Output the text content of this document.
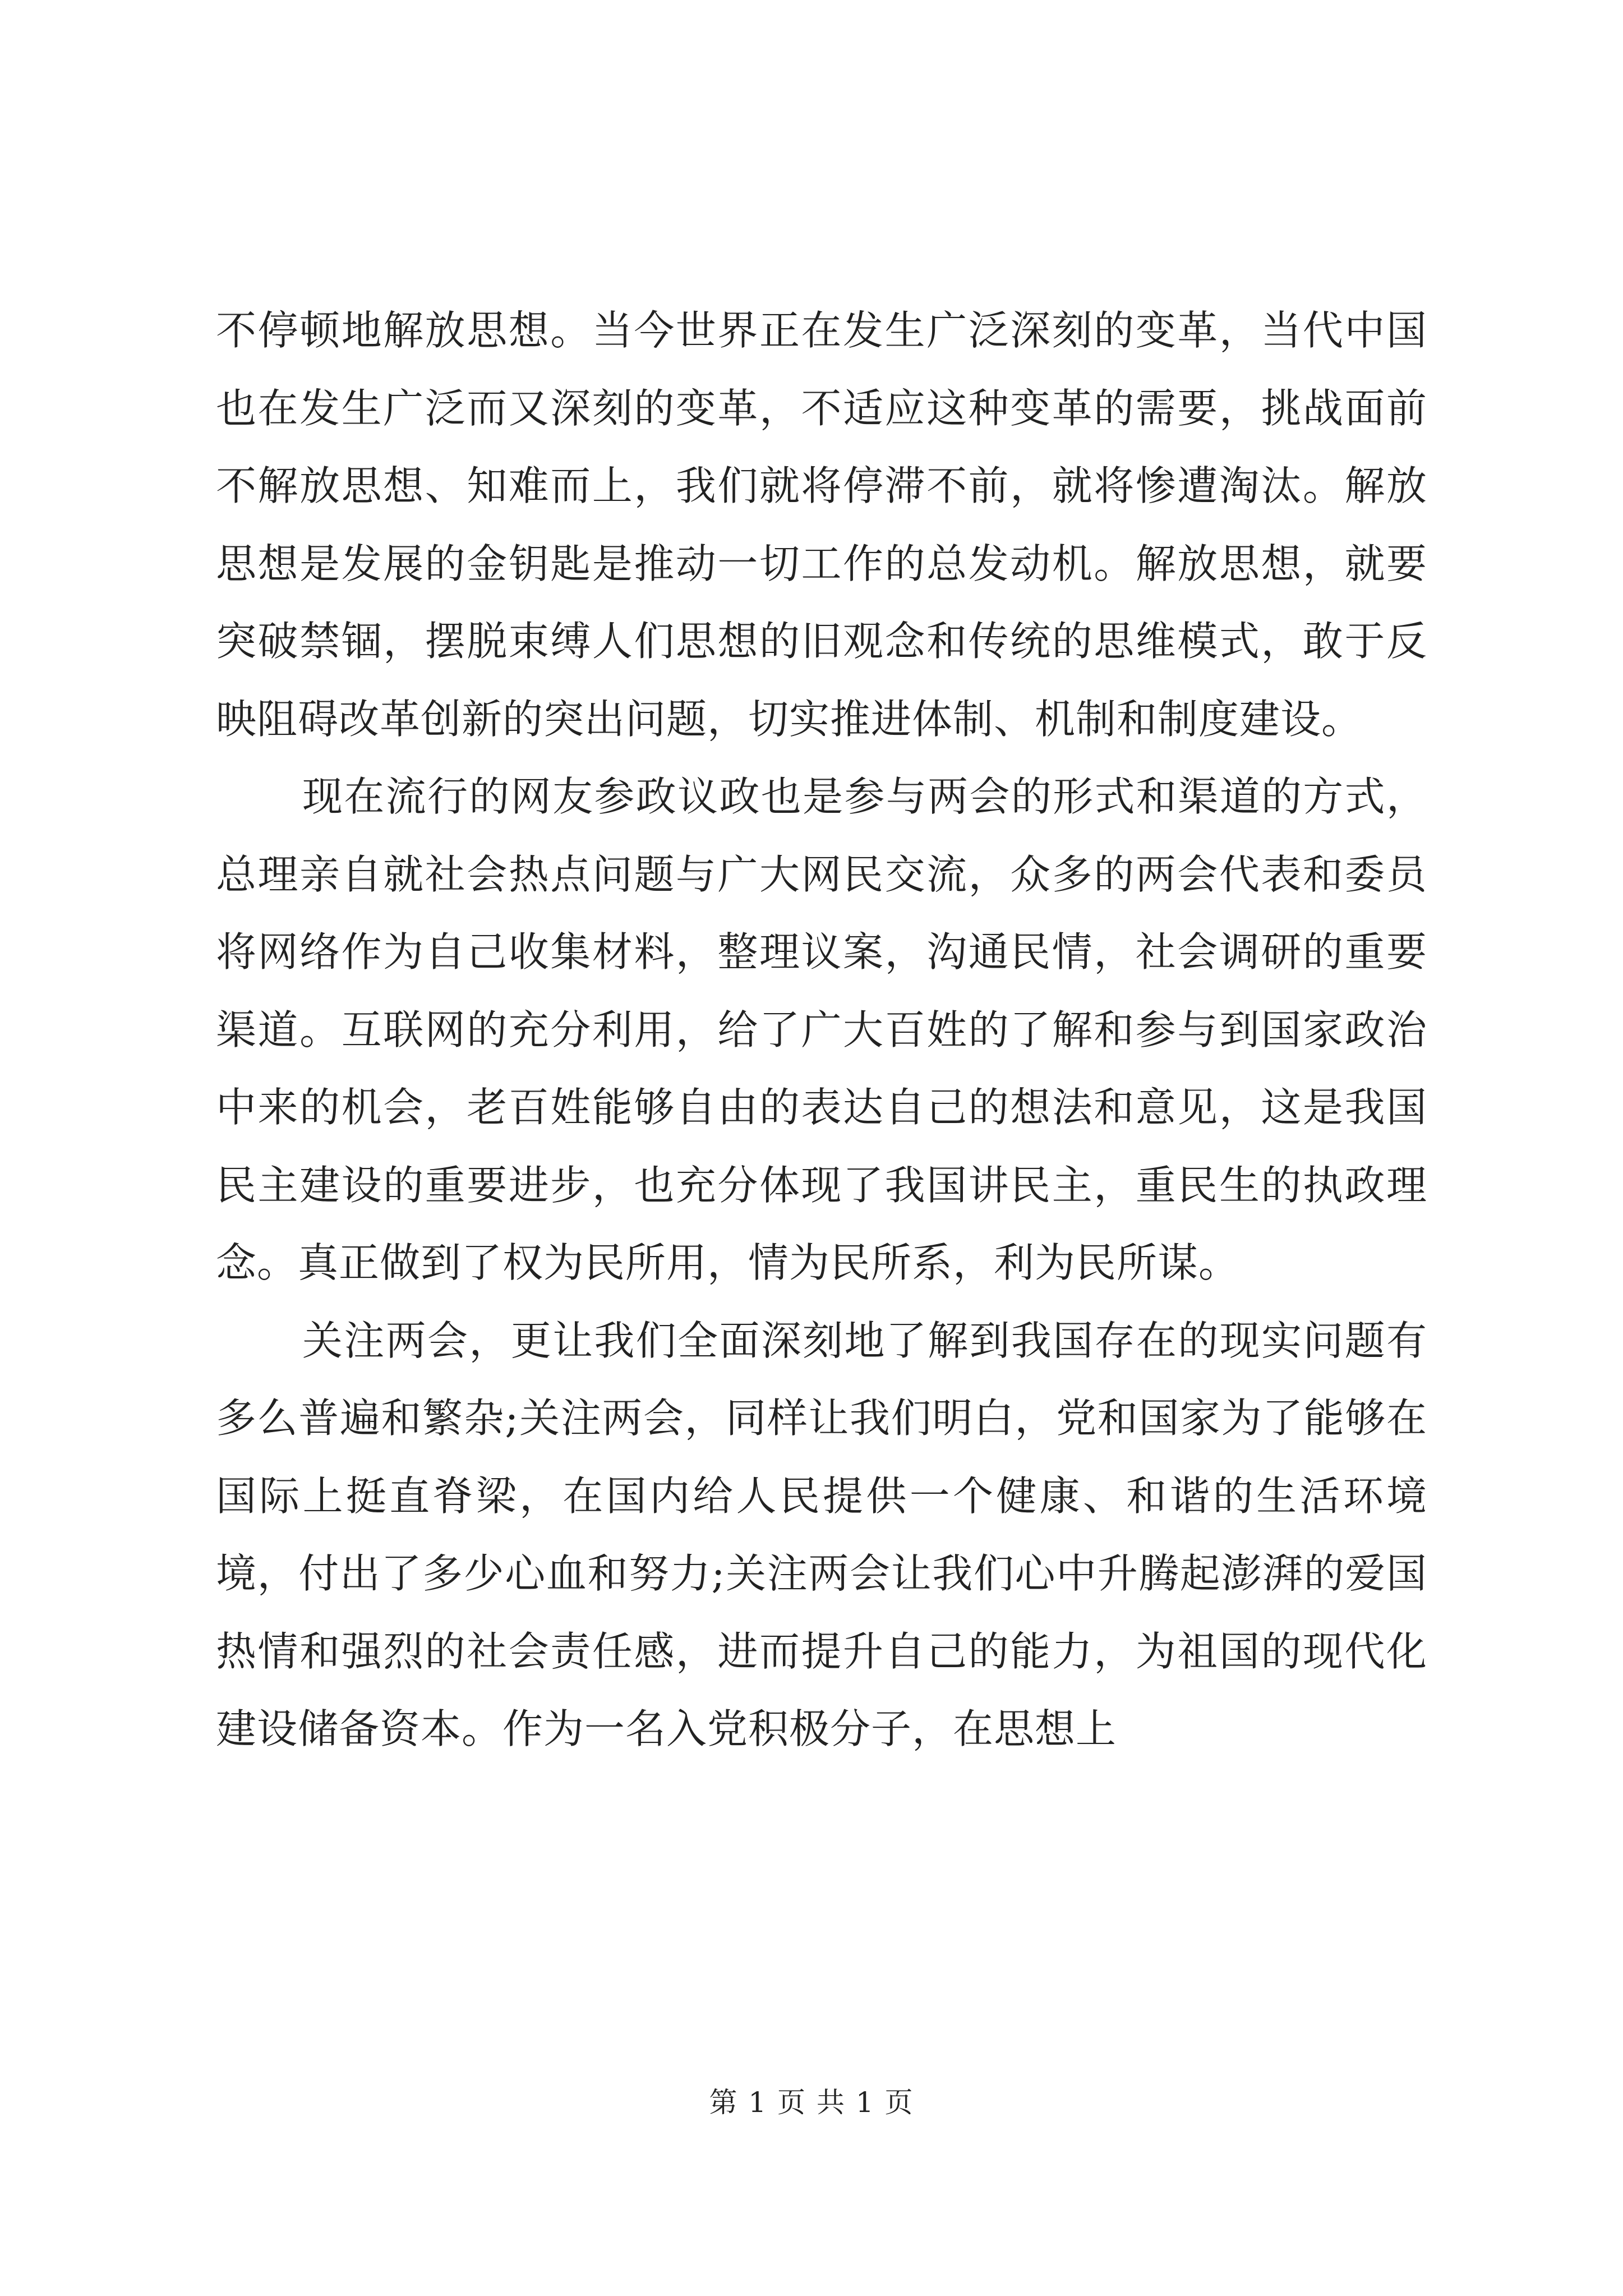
不停顿地解放思想。当今世界正在发生广泛深刻的变革，当代中国也在发生广泛而又深刻的变革，不适应这种变革的需要，挑战面前不解放思想、知难而上，我们就将停滞不前，就将惨遭淘汰。解放思想是发展的金钥匙是推动一切工作的总发动机。解放思想，就要突破禁锢，摆脱束缚人们思想的旧观念和传统的思维模式，敢于反映阻碍改革创新的突出问题，切实推进体制、机制和制度建设。

现在流行的网友参政议政也是参与两会的形式和渠道的方式，总理亲自就社会热点问题与广大网民交流，众多的两会代表和委员将网络作为自己收集材料，整理议案，沟通民情，社会调研的重要渠道。互联网的充分利用，给了广大百姓的了解和参与到国家政治中来的机会，老百姓能够自由的表达自己的想法和意见，这是我国民主建设的重要进步，也充分体现了我国讲民主，重民生的执政理念。真正做到了权为民所用，情为民所系，利为民所谋。

关注两会，更让我们全面深刻地了解到我国存在的现实问题有多么普遍和繁杂;关注两会，同样让我们明白，党和国家为了能够在国际上挺直脊梁，在国内给人民提供一个健康、和谐的生活环境境，付出了多少心血和努力;关注两会让我们心中升腾起澎湃的爱国热情和强烈的社会责任感，进而提升自己的能力，为祖国的现代化建设储备资本。作为一名入党积极分子，在思想上

第 1 页 共 1 页
